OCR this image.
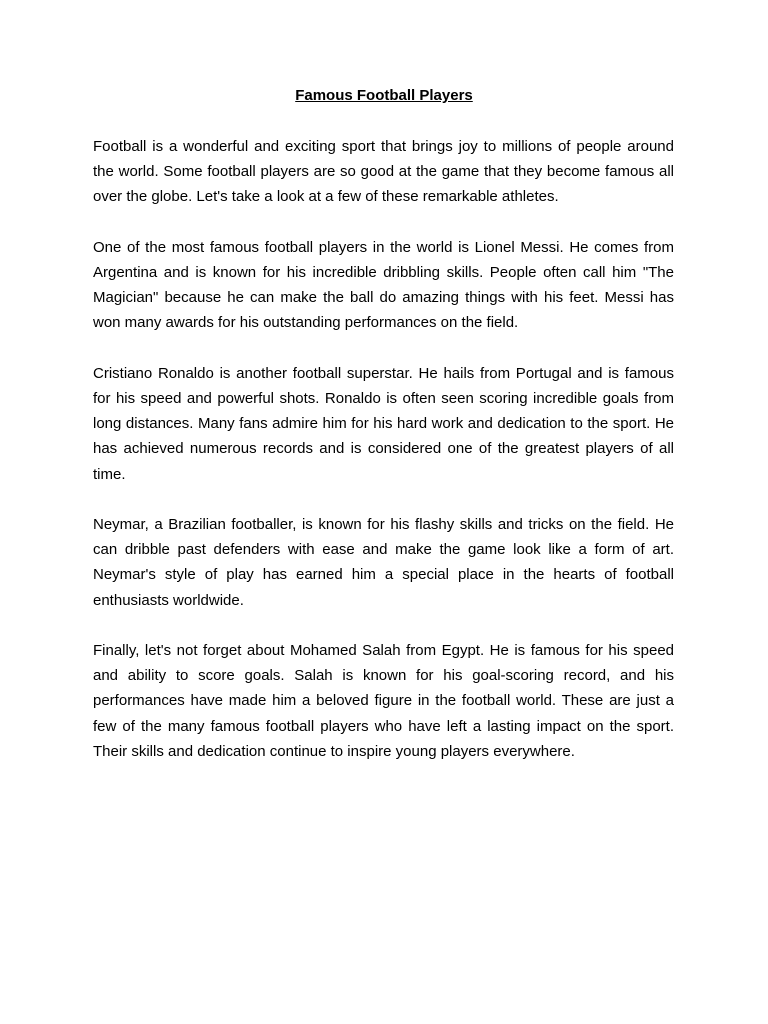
Famous Football Players

Football is a wonderful and exciting sport that brings joy to millions of people around the world. Some football players are so good at the game that they become famous all over the globe. Let's take a look at a few of these remarkable athletes.

One of the most famous football players in the world is Lionel Messi. He comes from Argentina and is known for his incredible dribbling skills. People often call him "The Magician" because he can make the ball do amazing things with his feet. Messi has won many awards for his outstanding performances on the field.

Cristiano Ronaldo is another football superstar. He hails from Portugal and is famous for his speed and powerful shots. Ronaldo is often seen scoring incredible goals from long distances. Many fans admire him for his hard work and dedication to the sport. He has achieved numerous records and is considered one of the greatest players of all time.

Neymar, a Brazilian footballer, is known for his flashy skills and tricks on the field. He can dribble past defenders with ease and make the game look like a form of art. Neymar's style of play has earned him a special place in the hearts of football enthusiasts worldwide.

Finally, let's not forget about Mohamed Salah from Egypt. He is famous for his speed and ability to score goals. Salah is known for his goal-scoring record, and his performances have made him a beloved figure in the football world. These are just a few of the many famous football players who have left a lasting impact on the sport. Their skills and dedication continue to inspire young players everywhere.
